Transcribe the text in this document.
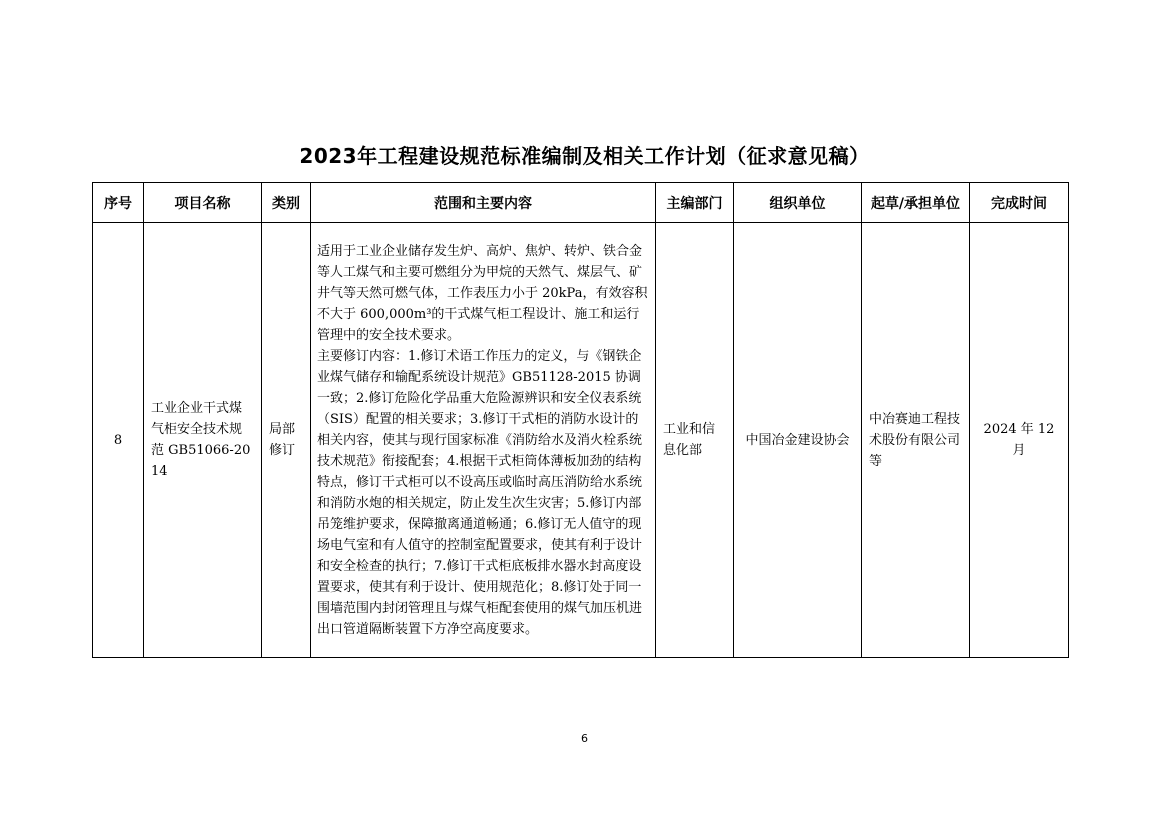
2023年工程建设规范标准编制及相关工作计划（征求意见稿）
序号	项目名称	类别	范围和主要内容	主编部门	组织单位	起草/承担单位	完成时间
8	工业企业干式煤气柜安全技术规范 GB51066-2014	局部修订	适用于工业企业储存发生炉、高炉、焦炉、转炉、铁合金等人工煤气和主要可燃组分为甲烷的天然气、煤层气、矿井气等天然可燃气体，工作表压力小于 20kPa，有效容积不大于 600,000m³的干式煤气柜工程设计、施工和运行管理中的安全技术要求。
主要修订内容：1.修订术语工作压力的定义，与《钢铁企业煤气储存和输配系统设计规范》GB51128-2015 协调一致；2.修订危险化学品重大危险源辨识和安全仪表系统（SIS）配置的相关要求；3.修订干式柜的消防水设计的相关内容，使其与现行国家标准《消防给水及消火栓系统技术规范》衔接配套；4.根据干式柜筒体薄板加劲的结构特点，修订干式柜可以不设高压或临时高压消防给水系统和消防水炮的相关规定，防止发生次生灾害；5.修订内部吊笼维护要求，保障撤离通道畅通；6.修订无人值守的现场电气室和有人值守的控制室配置要求，使其有利于设计和安全检查的执行；7.修订干式柜底板排水器水封高度设置要求，使其有利于设计、使用规范化；8.修订处于同一围墙范围内封闭管理且与煤气柜配套使用的煤气加压机进出口管道隔断装置下方净空高度要求。	工业和信息化部	中国冶金建设协会	中冶赛迪工程技术股份有限公司等	2024 年 12 月
6
